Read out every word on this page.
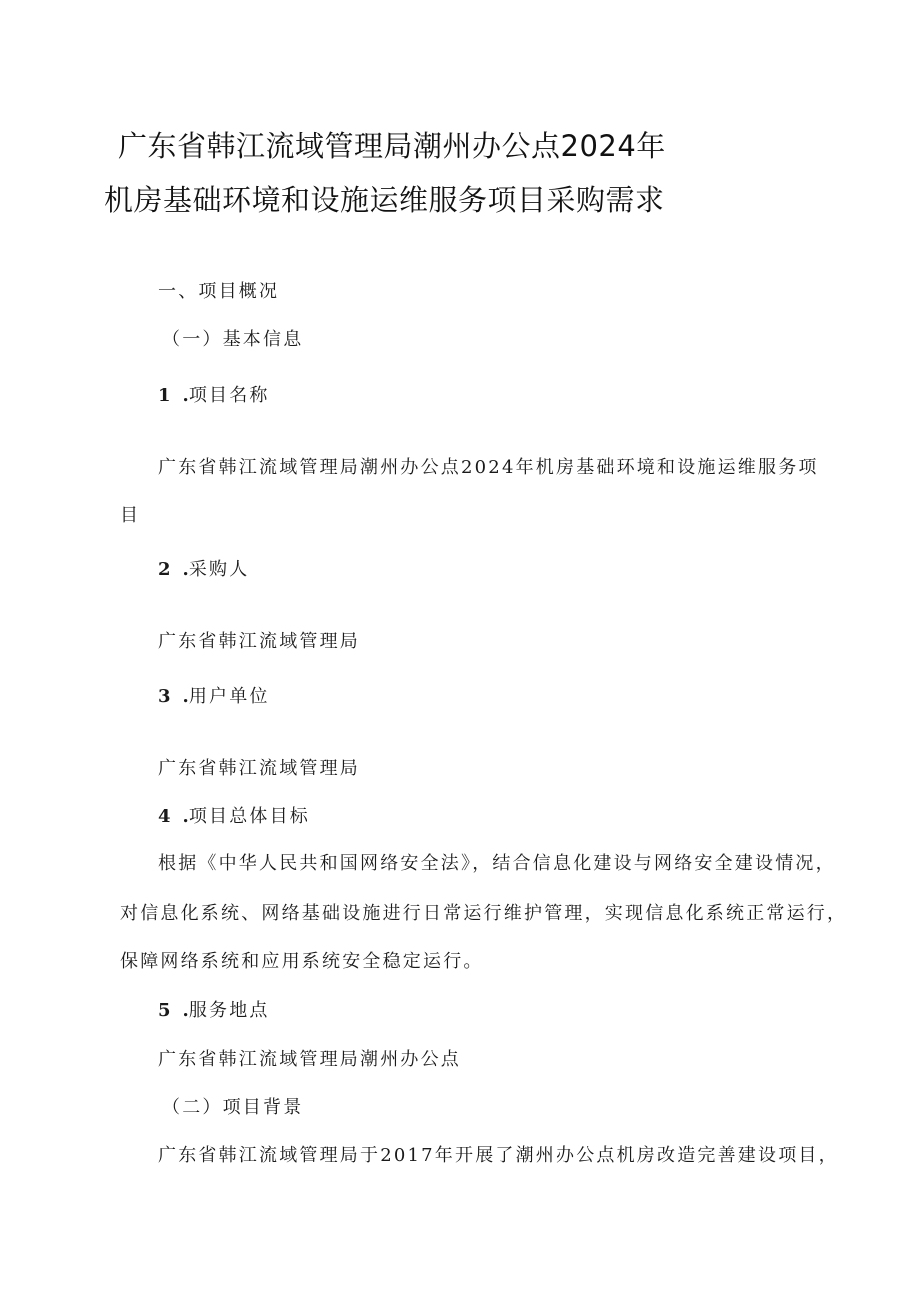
广东省韩江流域管理局潮州办公点2024年
机房基础环境和设施运维服务项目采购需求
一、项目概况
（一）基本信息
1 .项目名称
广东省韩江流域管理局潮州办公点2024年机房基础环境和设施运维服务项
目
2 .采购人
广东省韩江流域管理局
3 .用户单位
广东省韩江流域管理局
4 .项目总体目标
根据《中华人民共和国网络安全法》，结合信息化建设与网络安全建设情况，
对信息化系统、网络基础设施进行日常运行维护管理，实现信息化系统正常运行，
保障网络系统和应用系统安全稳定运行。
5 .服务地点
广东省韩江流域管理局潮州办公点
（二）项目背景
广东省韩江流域管理局于2017年开展了潮州办公点机房改造完善建设项目，
